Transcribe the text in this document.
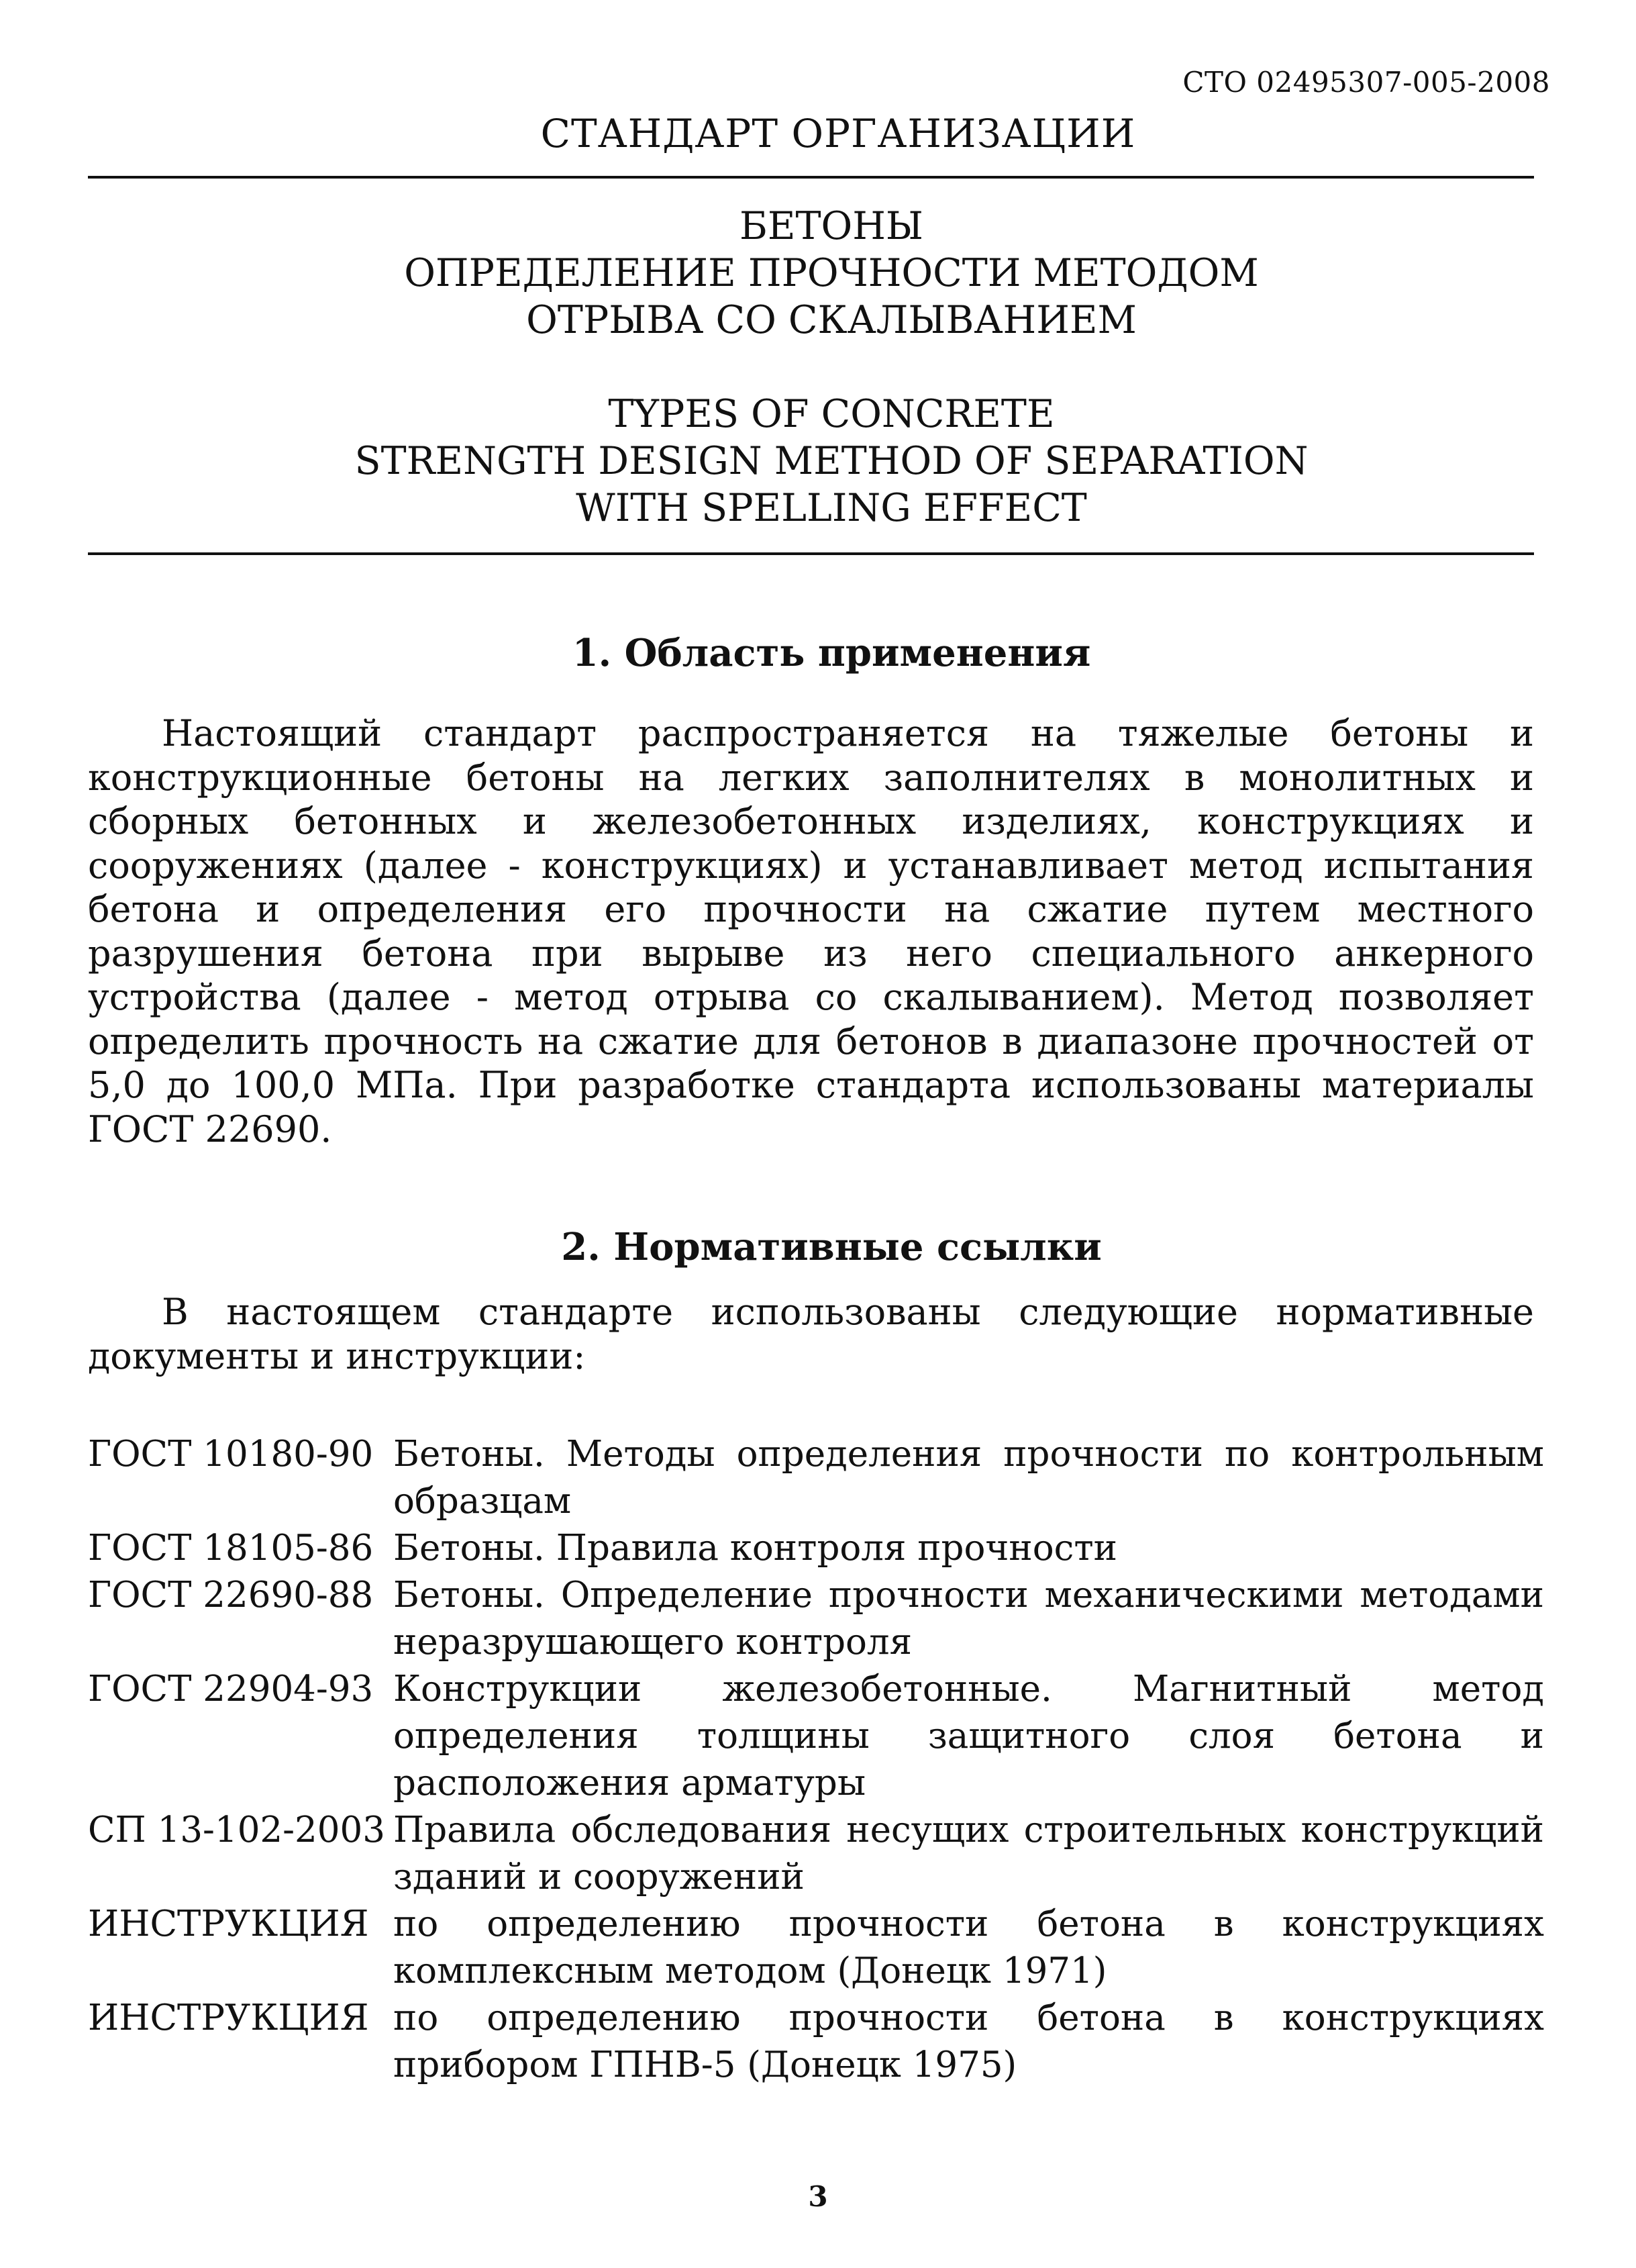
СТО 02495307-005-2008
СТАНДАРТ ОРГАНИЗАЦИИ
БЕТОНЫ
ОПРЕДЕЛЕНИЕ ПРОЧНОСТИ МЕТОДОМ
ОТРЫВА СО СКАЛЫВАНИЕМ
TYPES OF CONCRETE
STRENGTH DESIGN METHOD OF SEPARATION
WITH SPELLING EFFECT
1. Область применения

Настоящий стандарт распространяется на тяжелые бетоны и конструкционные бетоны на легких заполнителях в монолитных и сборных бетонных и железобетонных изделиях, конструкциях и сооружениях (далее - конструкциях) и устанавливает метод испытания бетона и определения его прочности на сжатие путем местного разрушения бетона при вырыве из него специального анкерного устройства (далее - метод отрыва со скалыванием). Метод позволяет определить прочность на сжатие для бетонов в диапазоне прочностей от 5,0 до 100,0 МПа. При разработке стандарта использованы материалы ГОСТ 22690.

2. Нормативные ссылки

В настоящем стандарте использованы следующие нормативные документы и инструкции:

ГОСТ 10180-90 Бетоны. Методы определения прочности по контрольным образцам
ГОСТ 18105-86 Бетоны. Правила контроля прочности
ГОСТ 22690-88 Бетоны. Определение прочности механическими методами неразрушающего контроля
ГОСТ 22904-93 Конструкции железобетонные. Магнитный метод определения толщины защитного слоя бетона и расположения арматуры
СП 13-102-2003 Правила обследования несущих строительных конструкций зданий и сооружений
ИНСТРУКЦИЯ по определению прочности бетона в конструкциях комплексным методом (Донецк 1971)
ИНСТРУКЦИЯ по определению прочности бетона в конструкциях прибором ГПНВ-5 (Донецк 1975)
3
